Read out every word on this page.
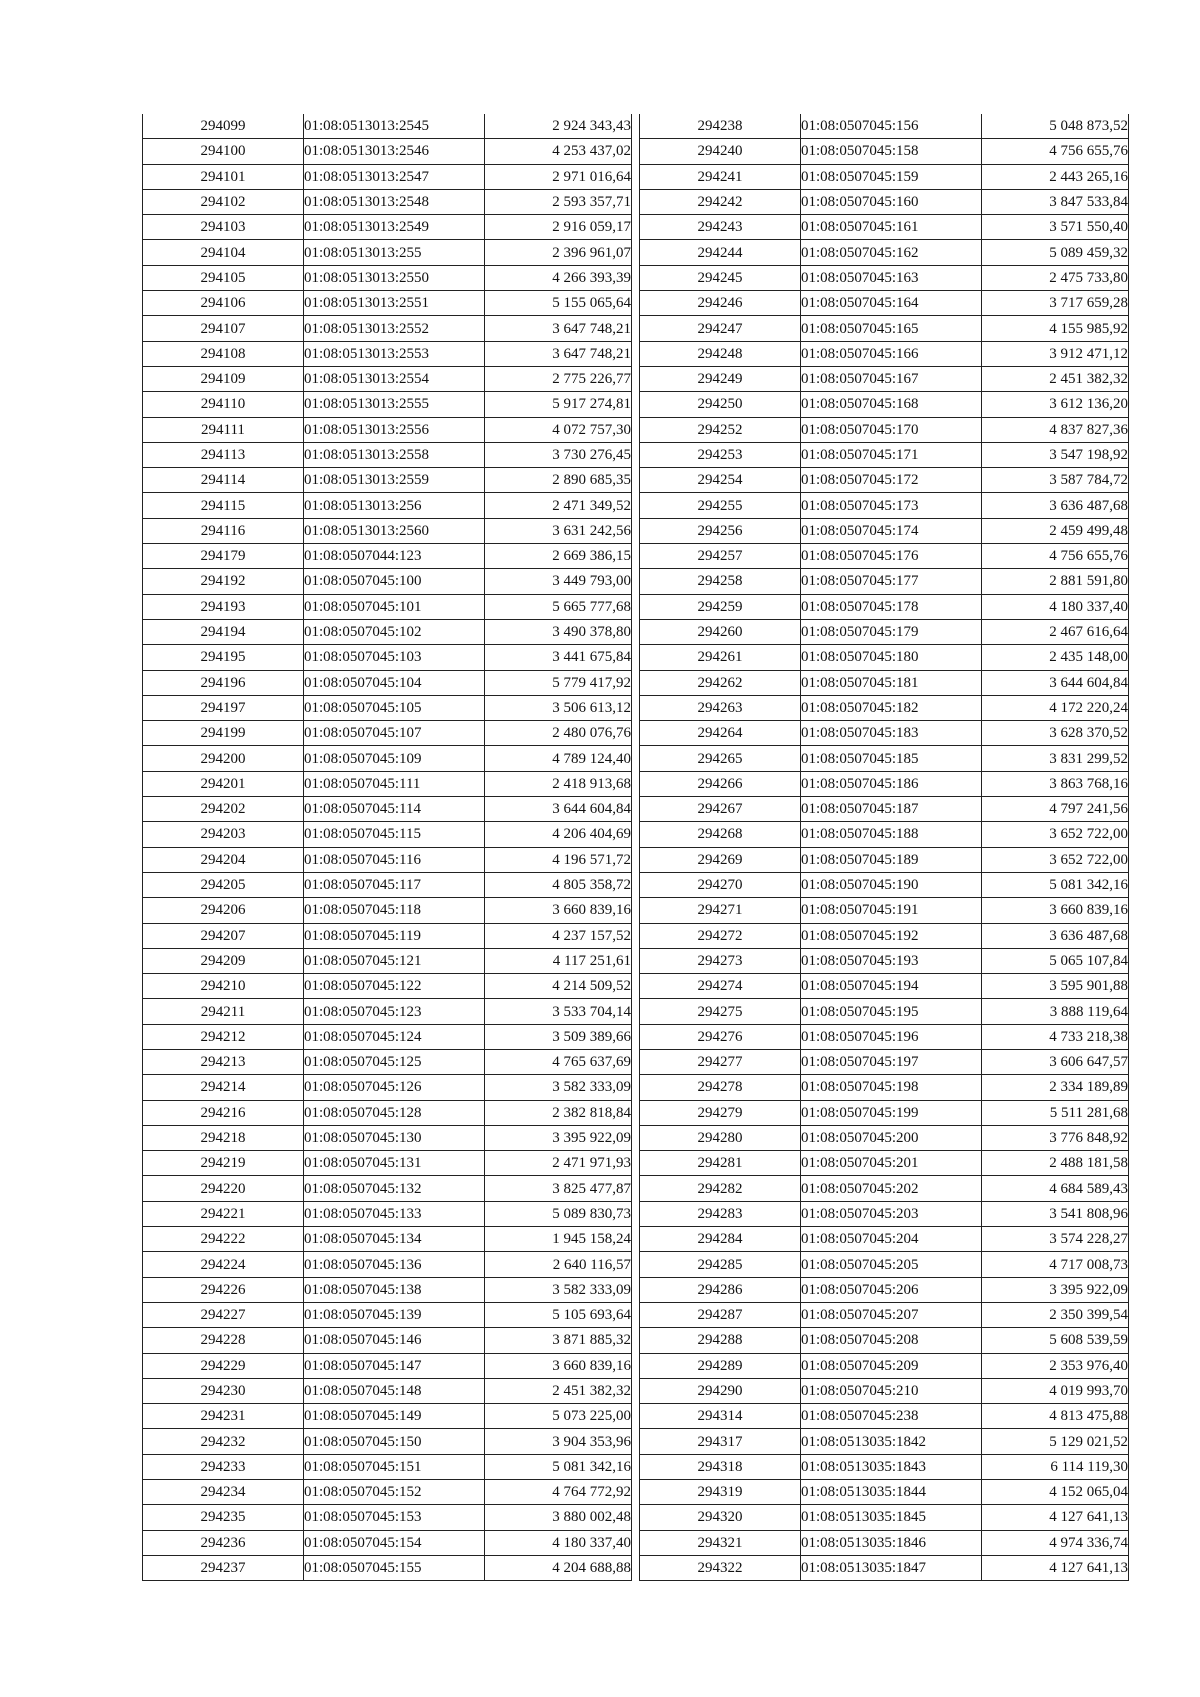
294099	01:08:0513013:2545	2 924 343,43
294100	01:08:0513013:2546	4 253 437,02
294101	01:08:0513013:2547	2 971 016,64
294102	01:08:0513013:2548	2 593 357,71
294103	01:08:0513013:2549	2 916 059,17
294104	01:08:0513013:255	2 396 961,07
294105	01:08:0513013:2550	4 266 393,39
294106	01:08:0513013:2551	5 155 065,64
294107	01:08:0513013:2552	3 647 748,21
294108	01:08:0513013:2553	3 647 748,21
294109	01:08:0513013:2554	2 775 226,77
294110	01:08:0513013:2555	5 917 274,81
294111	01:08:0513013:2556	4 072 757,30
294113	01:08:0513013:2558	3 730 276,45
294114	01:08:0513013:2559	2 890 685,35
294115	01:08:0513013:256	2 471 349,52
294116	01:08:0513013:2560	3 631 242,56
294179	01:08:0507044:123	2 669 386,15
294192	01:08:0507045:100	3 449 793,00
294193	01:08:0507045:101	5 665 777,68
294194	01:08:0507045:102	3 490 378,80
294195	01:08:0507045:103	3 441 675,84
294196	01:08:0507045:104	5 779 417,92
294197	01:08:0507045:105	3 506 613,12
294199	01:08:0507045:107	2 480 076,76
294200	01:08:0507045:109	4 789 124,40
294201	01:08:0507045:111	2 418 913,68
294202	01:08:0507045:114	3 644 604,84
294203	01:08:0507045:115	4 206 404,69
294204	01:08:0507045:116	4 196 571,72
294205	01:08:0507045:117	4 805 358,72
294206	01:08:0507045:118	3 660 839,16
294207	01:08:0507045:119	4 237 157,52
294209	01:08:0507045:121	4 117 251,61
294210	01:08:0507045:122	4 214 509,52
294211	01:08:0507045:123	3 533 704,14
294212	01:08:0507045:124	3 509 389,66
294213	01:08:0507045:125	4 765 637,69
294214	01:08:0507045:126	3 582 333,09
294216	01:08:0507045:128	2 382 818,84
294218	01:08:0507045:130	3 395 922,09
294219	01:08:0507045:131	2 471 971,93
294220	01:08:0507045:132	3 825 477,87
294221	01:08:0507045:133	5 089 830,73
294222	01:08:0507045:134	1 945 158,24
294224	01:08:0507045:136	2 640 116,57
294226	01:08:0507045:138	3 582 333,09
294227	01:08:0507045:139	5 105 693,64
294228	01:08:0507045:146	3 871 885,32
294229	01:08:0507045:147	3 660 839,16
294230	01:08:0507045:148	2 451 382,32
294231	01:08:0507045:149	5 073 225,00
294232	01:08:0507045:150	3 904 353,96
294233	01:08:0507045:151	5 081 342,16
294234	01:08:0507045:152	4 764 772,92
294235	01:08:0507045:153	3 880 002,48
294236	01:08:0507045:154	4 180 337,40
294237	01:08:0507045:155	4 204 688,88
294238	01:08:0507045:156	5 048 873,52
294240	01:08:0507045:158	4 756 655,76
294241	01:08:0507045:159	2 443 265,16
294242	01:08:0507045:160	3 847 533,84
294243	01:08:0507045:161	3 571 550,40
294244	01:08:0507045:162	5 089 459,32
294245	01:08:0507045:163	2 475 733,80
294246	01:08:0507045:164	3 717 659,28
294247	01:08:0507045:165	4 155 985,92
294248	01:08:0507045:166	3 912 471,12
294249	01:08:0507045:167	2 451 382,32
294250	01:08:0507045:168	3 612 136,20
294252	01:08:0507045:170	4 837 827,36
294253	01:08:0507045:171	3 547 198,92
294254	01:08:0507045:172	3 587 784,72
294255	01:08:0507045:173	3 636 487,68
294256	01:08:0507045:174	2 459 499,48
294257	01:08:0507045:176	4 756 655,76
294258	01:08:0507045:177	2 881 591,80
294259	01:08:0507045:178	4 180 337,40
294260	01:08:0507045:179	2 467 616,64
294261	01:08:0507045:180	2 435 148,00
294262	01:08:0507045:181	3 644 604,84
294263	01:08:0507045:182	4 172 220,24
294264	01:08:0507045:183	3 628 370,52
294265	01:08:0507045:185	3 831 299,52
294266	01:08:0507045:186	3 863 768,16
294267	01:08:0507045:187	4 797 241,56
294268	01:08:0507045:188	3 652 722,00
294269	01:08:0507045:189	3 652 722,00
294270	01:08:0507045:190	5 081 342,16
294271	01:08:0507045:191	3 660 839,16
294272	01:08:0507045:192	3 636 487,68
294273	01:08:0507045:193	5 065 107,84
294274	01:08:0507045:194	3 595 901,88
294275	01:08:0507045:195	3 888 119,64
294276	01:08:0507045:196	4 733 218,38
294277	01:08:0507045:197	3 606 647,57
294278	01:08:0507045:198	2 334 189,89
294279	01:08:0507045:199	5 511 281,68
294280	01:08:0507045:200	3 776 848,92
294281	01:08:0507045:201	2 488 181,58
294282	01:08:0507045:202	4 684 589,43
294283	01:08:0507045:203	3 541 808,96
294284	01:08:0507045:204	3 574 228,27
294285	01:08:0507045:205	4 717 008,73
294286	01:08:0507045:206	3 395 922,09
294287	01:08:0507045:207	2 350 399,54
294288	01:08:0507045:208	5 608 539,59
294289	01:08:0507045:209	2 353 976,40
294290	01:08:0507045:210	4 019 993,70
294314	01:08:0507045:238	4 813 475,88
294317	01:08:0513035:1842	5 129 021,52
294318	01:08:0513035:1843	6 114 119,30
294319	01:08:0513035:1844	4 152 065,04
294320	01:08:0513035:1845	4 127 641,13
294321	01:08:0513035:1846	4 974 336,74
294322	01:08:0513035:1847	4 127 641,13
